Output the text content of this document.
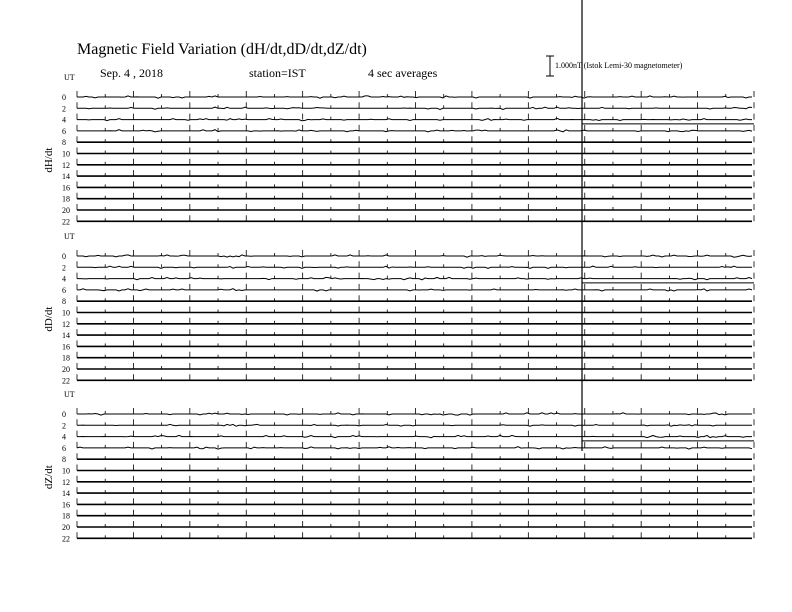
Magnetic Field Variation (dH/dt,dD/dt,dZ/dt)
Sep. 4 , 2018	station=IST	4 sec averages
1.000nT (Istok Lemi-30 magnetometer)
UT
dH/dt
0
2
4
6
8
10
12
14
16
18
20
22
UT
dD/dt
0
2
4
6
8
10
12
14
16
18
20
22
UT
dZ/dt
0
2
4
6
8
10
12
14
16
18
20
22
